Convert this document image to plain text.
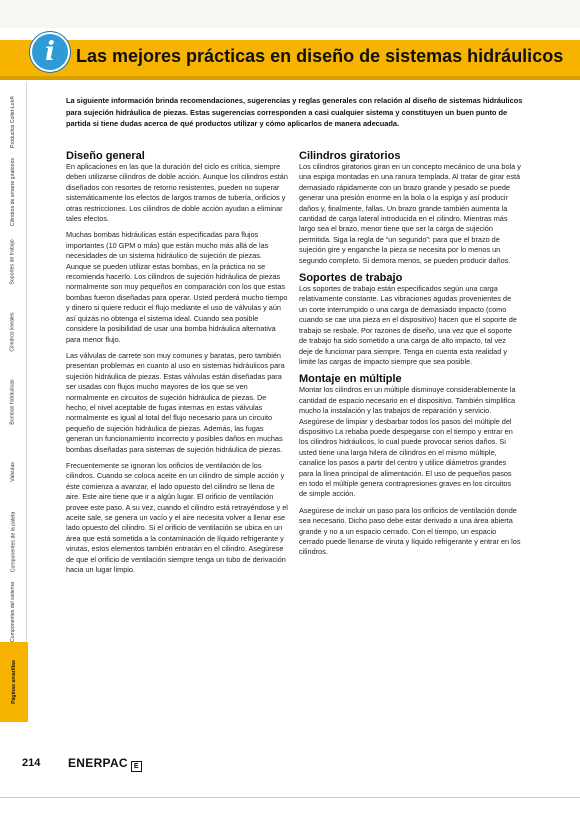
i	Las mejores prácticas en diseño de sistemas hidráulicos
Productos Collet-Lok®
Cilindros de amarre giratorios
Soportes de trabajo
Cilindros lineales
Bombas hidráulicas
Válvulas
Componentes de la paleta
Componentes del sistema
Páginas amarillas
La siguiente información brinda recomendaciones, sugerencias y reglas generales con relación al diseño de sistemas hidráulicos para sujeción hidráulica de piezas. Estas sugerencias corresponden a casi cualquier sistema y constituyen un buen punto de partida si tiene dudas acerca de qué productos utilizar y cómo aplicarlos de manera adecuada.
Diseño general

En aplicaciones en las que la duración del ciclo es crítica, siempre deben utilizarse cilindros de doble acción. Aunque los cilindros están diseñados con resortes de retorno resistentes, pueden no superar sistemáticamente los efectos de largos tramos de tubería, orificios y otras restricciones. Los cilindros de doble acción ayudan a eliminar tales efectos.

Muchas bombas hidráulicas están especificadas para flujos importantes (10 GPM o más) que están mucho más allá de las necesidades de un sistema hidráulico de sujeción de piezas. Aunque se pueden utilizar estas bombas, en la práctica no se recomienda hacerlo. Los cilindros de sujeción hidráulica de piezas normalmente son muy pequeños en comparación con los que estas bombas fueron diseñadas para operar. Usted perderá mucho tiempo y dinero si quiere reducir el flujo mediante el uso de válvulas y aún así quizás no obtenga el sistema ideal. Cuando sea posible considere la posibilidad de usar una bomba hidráulica alternativa para menor flujo.

Las válvulas de carrete son muy comunes y baratas, pero también presentan problemas en cuanto al uso en sistemas hidráulicos para sujeción hidráulica de piezas. Estas válvulas están diseñadas para ser usadas con flujos mucho mayores de los que se ven normalmente en circuitos de sujeción hidráulica de piezas. De hecho, el nivel aceptable de fugas internas en estas válvulas normalmente es igual al total del flujo necesario para un circuito pequeño de sujeción hidráulica de piezas. Además, las fugas generan un funcionamiento incorrecto y posibles daños en muchas bombas diseñadas para sistemas de sujeción hidráulica de piezas.

Frecuentemente se ignoran los orificios de ventilación de los cilindros. Cuando se coloca aceite en un cilindro de simple acción y éste comienza a avanzar, el lado opuesto del cilindro se llena de aire. Este aire tiene que ir a algún lugar. El orificio de ventilación provee este paso. A su vez, cuando el cilindro está retrayéndose y el aceite sale, se genera un vacío y el aire necesita volver a llenar ese lado opuesto del cilindro. Si el orificio de ventilación se ubica en un área que está sometida a la contaminación de líquido refrigerante y virutas, estos elementos también entrarán en el cilindro. Asegúrese de que el orificio de ventilación siempre tenga un tubo de derivación hacia un lugar limpio.

Cilindros giratorios

Los cilindros giratorios giran en un concepto mecánico de una bola y una espiga montadas en una ranura templada. Al tratar de girar está demasiado rápidamente con un brazo grande y pesado se puede generar una presión enorme en la bola o la espiga y así producir daños y, finalmente, fallas. Un brazo grande también aumenta la cantidad de carga lateral introducida en el cilindro. Mientras más largo sea el brazo, menor tiene que ser la carga de sujeción permitida. Siga la regla de “un segundo”: para que el brazo de sujeción gire y enganche la pieza se necesita por lo menos un segundo completo. Si demora menos, se pueden producir daños.

Soportes de trabajo

Los soportes de trabajo están especificados según una carga relativamente constante. Las vibraciones agudas provenientes de un corte interrumpido o una carga de demasiado impacto (como cuando se cae una pieza en el dispositivo) hacen que el soporte de trabajo se resbale. Por razones de diseño, una vez que el soporte de trabajo ha sido sometido a una carga de alto impacto, tal vez deje de funcionar para siempre. Tenga en cuenta esta realidad y limite las cargas de impacto siempre que sea posible.

Montaje en múltiple

Montar los cilindros en un múltiple disminuye considerablemente la cantidad de espacio necesario en el dispositivo. También simplifica mucho la instalación y las trabajos de reparación y servicio. Asegúrese de limpiar y desbarbar todos los pasos del múltiple del dispositivo La rebaba puede despegarse con el tiempo y entrar en los cilindros hidráulicos, lo cual puede provocar serios daños. Si usted tiene una larga hilera de cilindros en el mismo múltiple, canalice los pasos a partir del centro y utilice diámetros grandes para la línea principal de alimentación. El uso de pequeños pasos en todo el múltiple genera contrapresiones graves en los circuitos de simple acción.

Asegúrese de incluir un paso para los orificios de ventilación donde sea necesario. Dicho paso debe estar derivado a una área abierta grande y no a un espacio cerrado. Con el tiempo, un espacio cerrado puede llenarse de viruta y líquido refrigerante y entrar en los cilindros.

214 ENERPAC E
